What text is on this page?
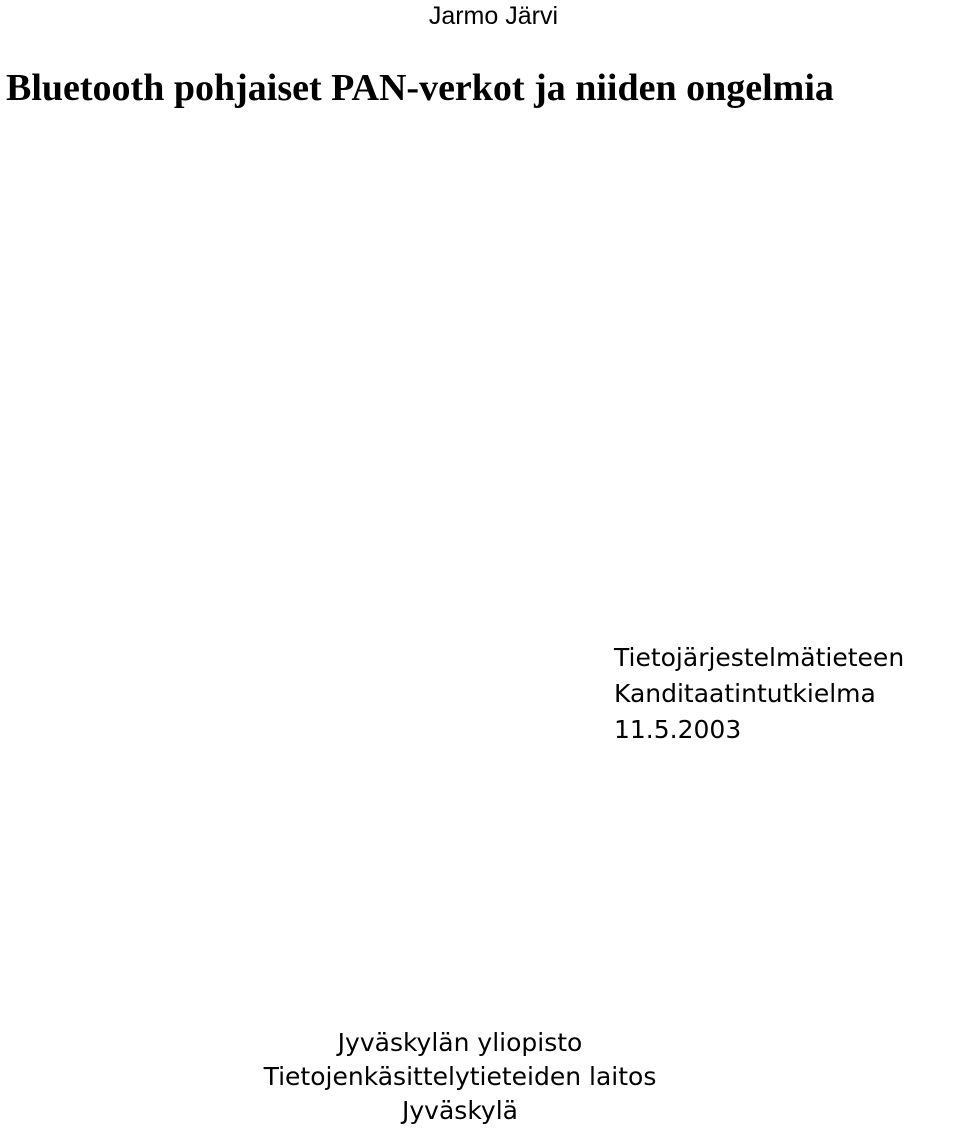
Jarmo Järvi
Bluetooth pohjaiset PAN-verkot ja niiden ongelmia
Tietojärjestelmätieteen
Kanditaatintutkielma
11.5.2003
Jyväskylän yliopisto
Tietojenkäsittelytieteiden laitos
Jyväskylä
